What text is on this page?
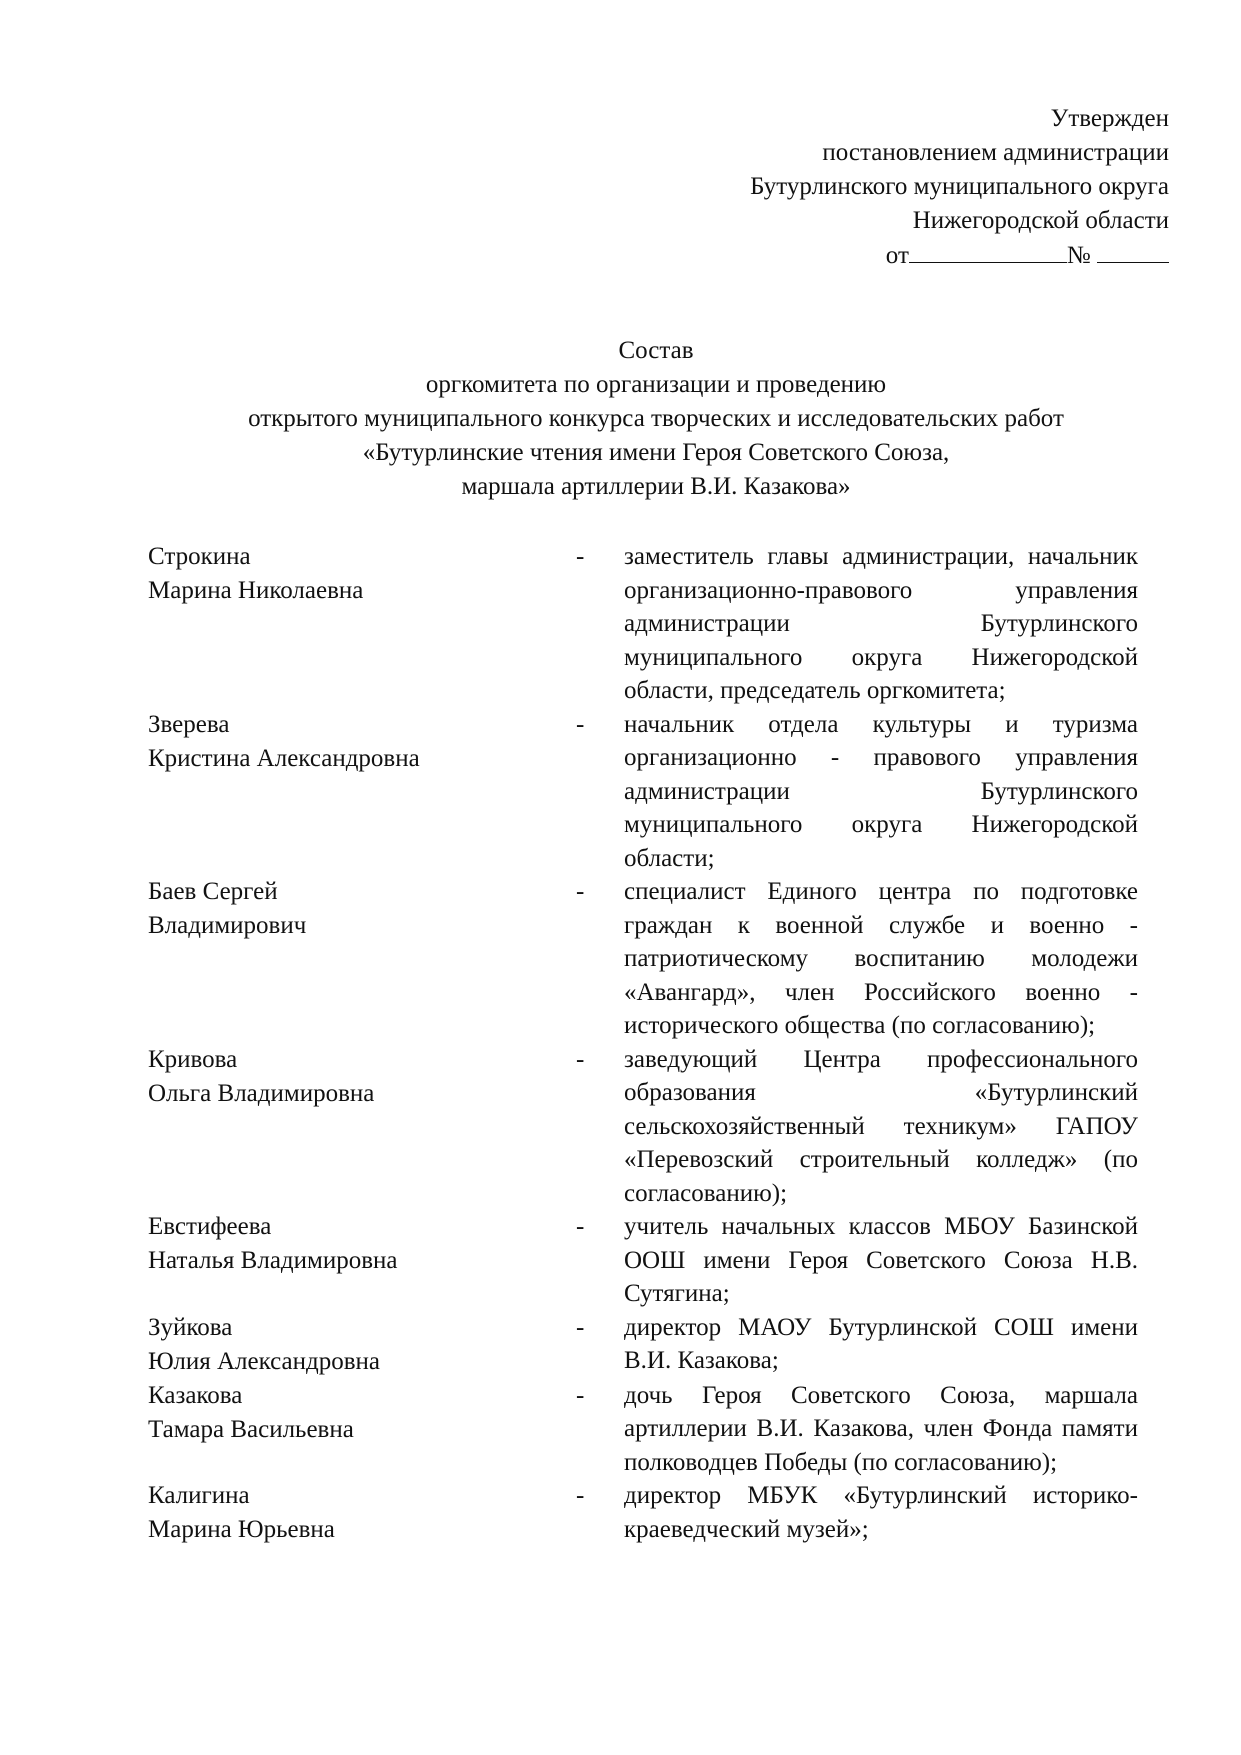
Утвержден
постановлением администрации
Бутурлинского муниципального округа
Нижегородской области
от	№
Состав
оргкомитета по организации и проведению
открытого муниципального конкурса творческих и исследовательских работ
«Бутурлинские чтения имени Героя Советского Союза,
маршала артиллерии В.И. Казакова»
Строкина
Марина Николаевна
-	заместитель главы администрации, начальник организационно-правового управления администрации Бутурлинского муниципального округа Нижегородской области, председатель оргкомитета;
Зверева
Кристина Александровна
-	начальник отдела культуры и туризма организационно - правового управления администрации Бутурлинского муниципального округа Нижегородской области;
Баев Сергей
Владимирович
-	специалист Единого центра по подготовке граждан к военной службе и военно - патриотическому воспитанию молодежи «Авангард», член Российского военно - исторического общества (по согласованию);
Кривова
Ольга Владимировна
-	заведующий Центра профессионального образования «Бутурлинский сельскохозяйственный техникум» ГАПОУ «Перевозский строительный колледж» (по согласованию);
Евстифеева
Наталья Владимировна
-	учитель начальных классов МБОУ Базинской ООШ имени Героя Советского Союза Н.В. Сутягина;
Зуйкова
Юлия Александровна
-	директор МАОУ Бутурлинской СОШ имени В.И. Казакова;
Казакова
Тамара Васильевна
-	дочь Героя Советского Союза, маршала артиллерии В.И. Казакова, член Фонда памяти полководцев Победы (по согласованию);
Калигина
Марина Юрьевна
-	директор МБУК «Бутурлинский историко-краеведческий музей»;
